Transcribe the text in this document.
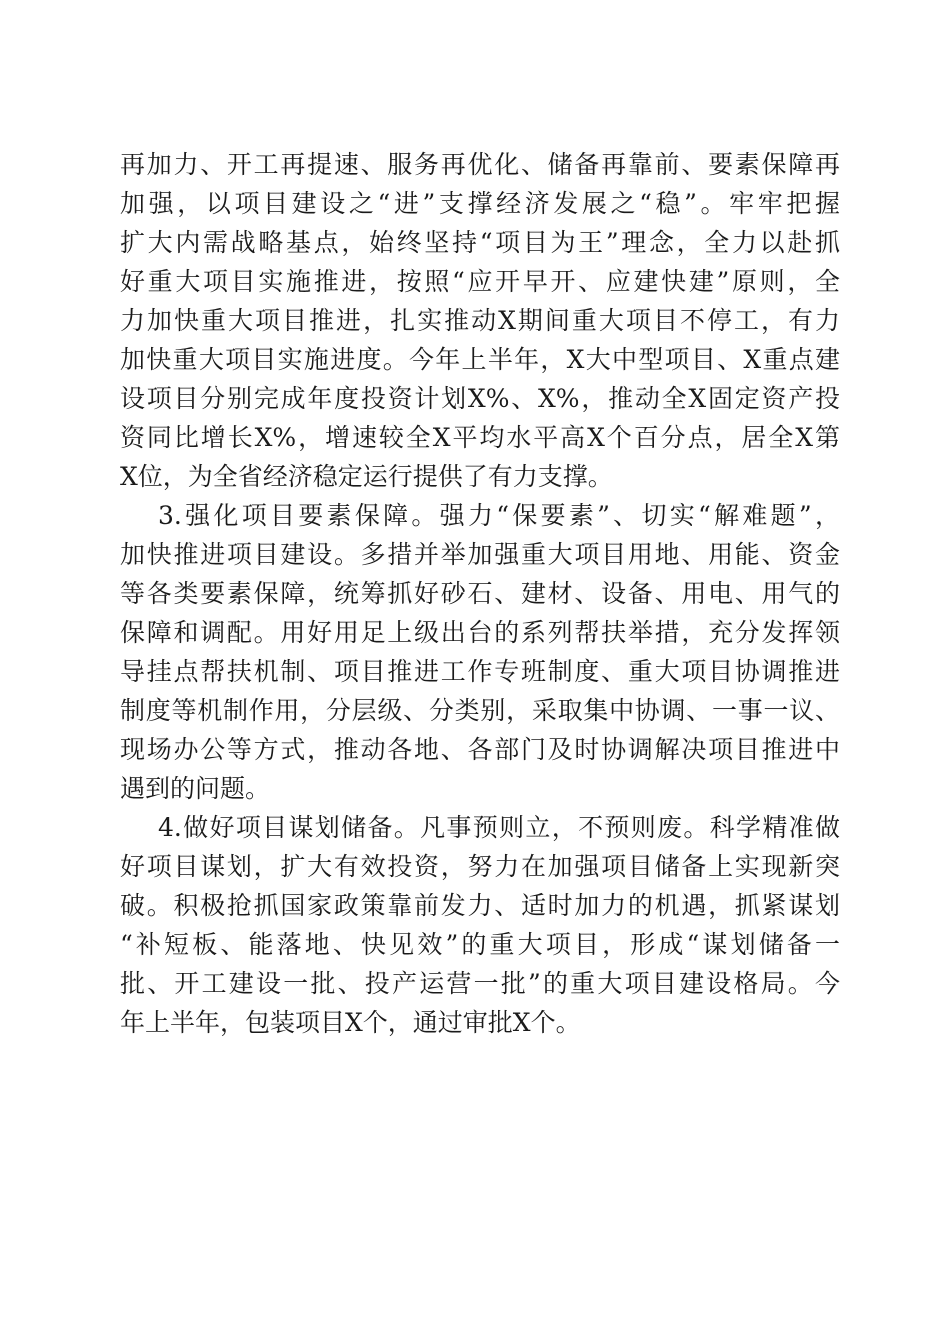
再加力、开工再提速、服务再优化、储备再靠前、要素保障再
加强，以项目建设之“进”支撑经济发展之“稳”。牢牢把握
扩大内需战略基点，始终坚持“项目为王”理念，全力以赴抓
好重大项目实施推进，按照“应开早开、应建快建”原则，全
力加快重大项目推进，扎实推动X期间重大项目不停工，有力
加快重大项目实施进度。今年上半年，X大中型项目、X重点建
设项目分别完成年度投资计划X%、X%，推动全X固定资产投
资同比增长X%，增速较全X平均水平高X个百分点，居全X第
X位，为全省经济稳定运行提供了有力支撑。
3.强化项目要素保障。强力“保要素”、切实“解难题”，
加快推进项目建设。多措并举加强重大项目用地、用能、资金
等各类要素保障，统筹抓好砂石、建材、设备、用电、用气的
保障和调配。用好用足上级出台的系列帮扶举措，充分发挥领
导挂点帮扶机制、项目推进工作专班制度、重大项目协调推进
制度等机制作用，分层级、分类别，采取集中协调、一事一议、
现场办公等方式，推动各地、各部门及时协调解决项目推进中
遇到的问题。
4.做好项目谋划储备。凡事预则立，不预则废。科学精准做
好项目谋划，扩大有效投资，努力在加强项目储备上实现新突
破。积极抢抓国家政策靠前发力、适时加力的机遇，抓紧谋划
“补短板、能落地、快见效”的重大项目，形成“谋划储备一
批、开工建设一批、投产运营一批”的重大项目建设格局。今
年上半年，包装项目X个，通过审批X个。
